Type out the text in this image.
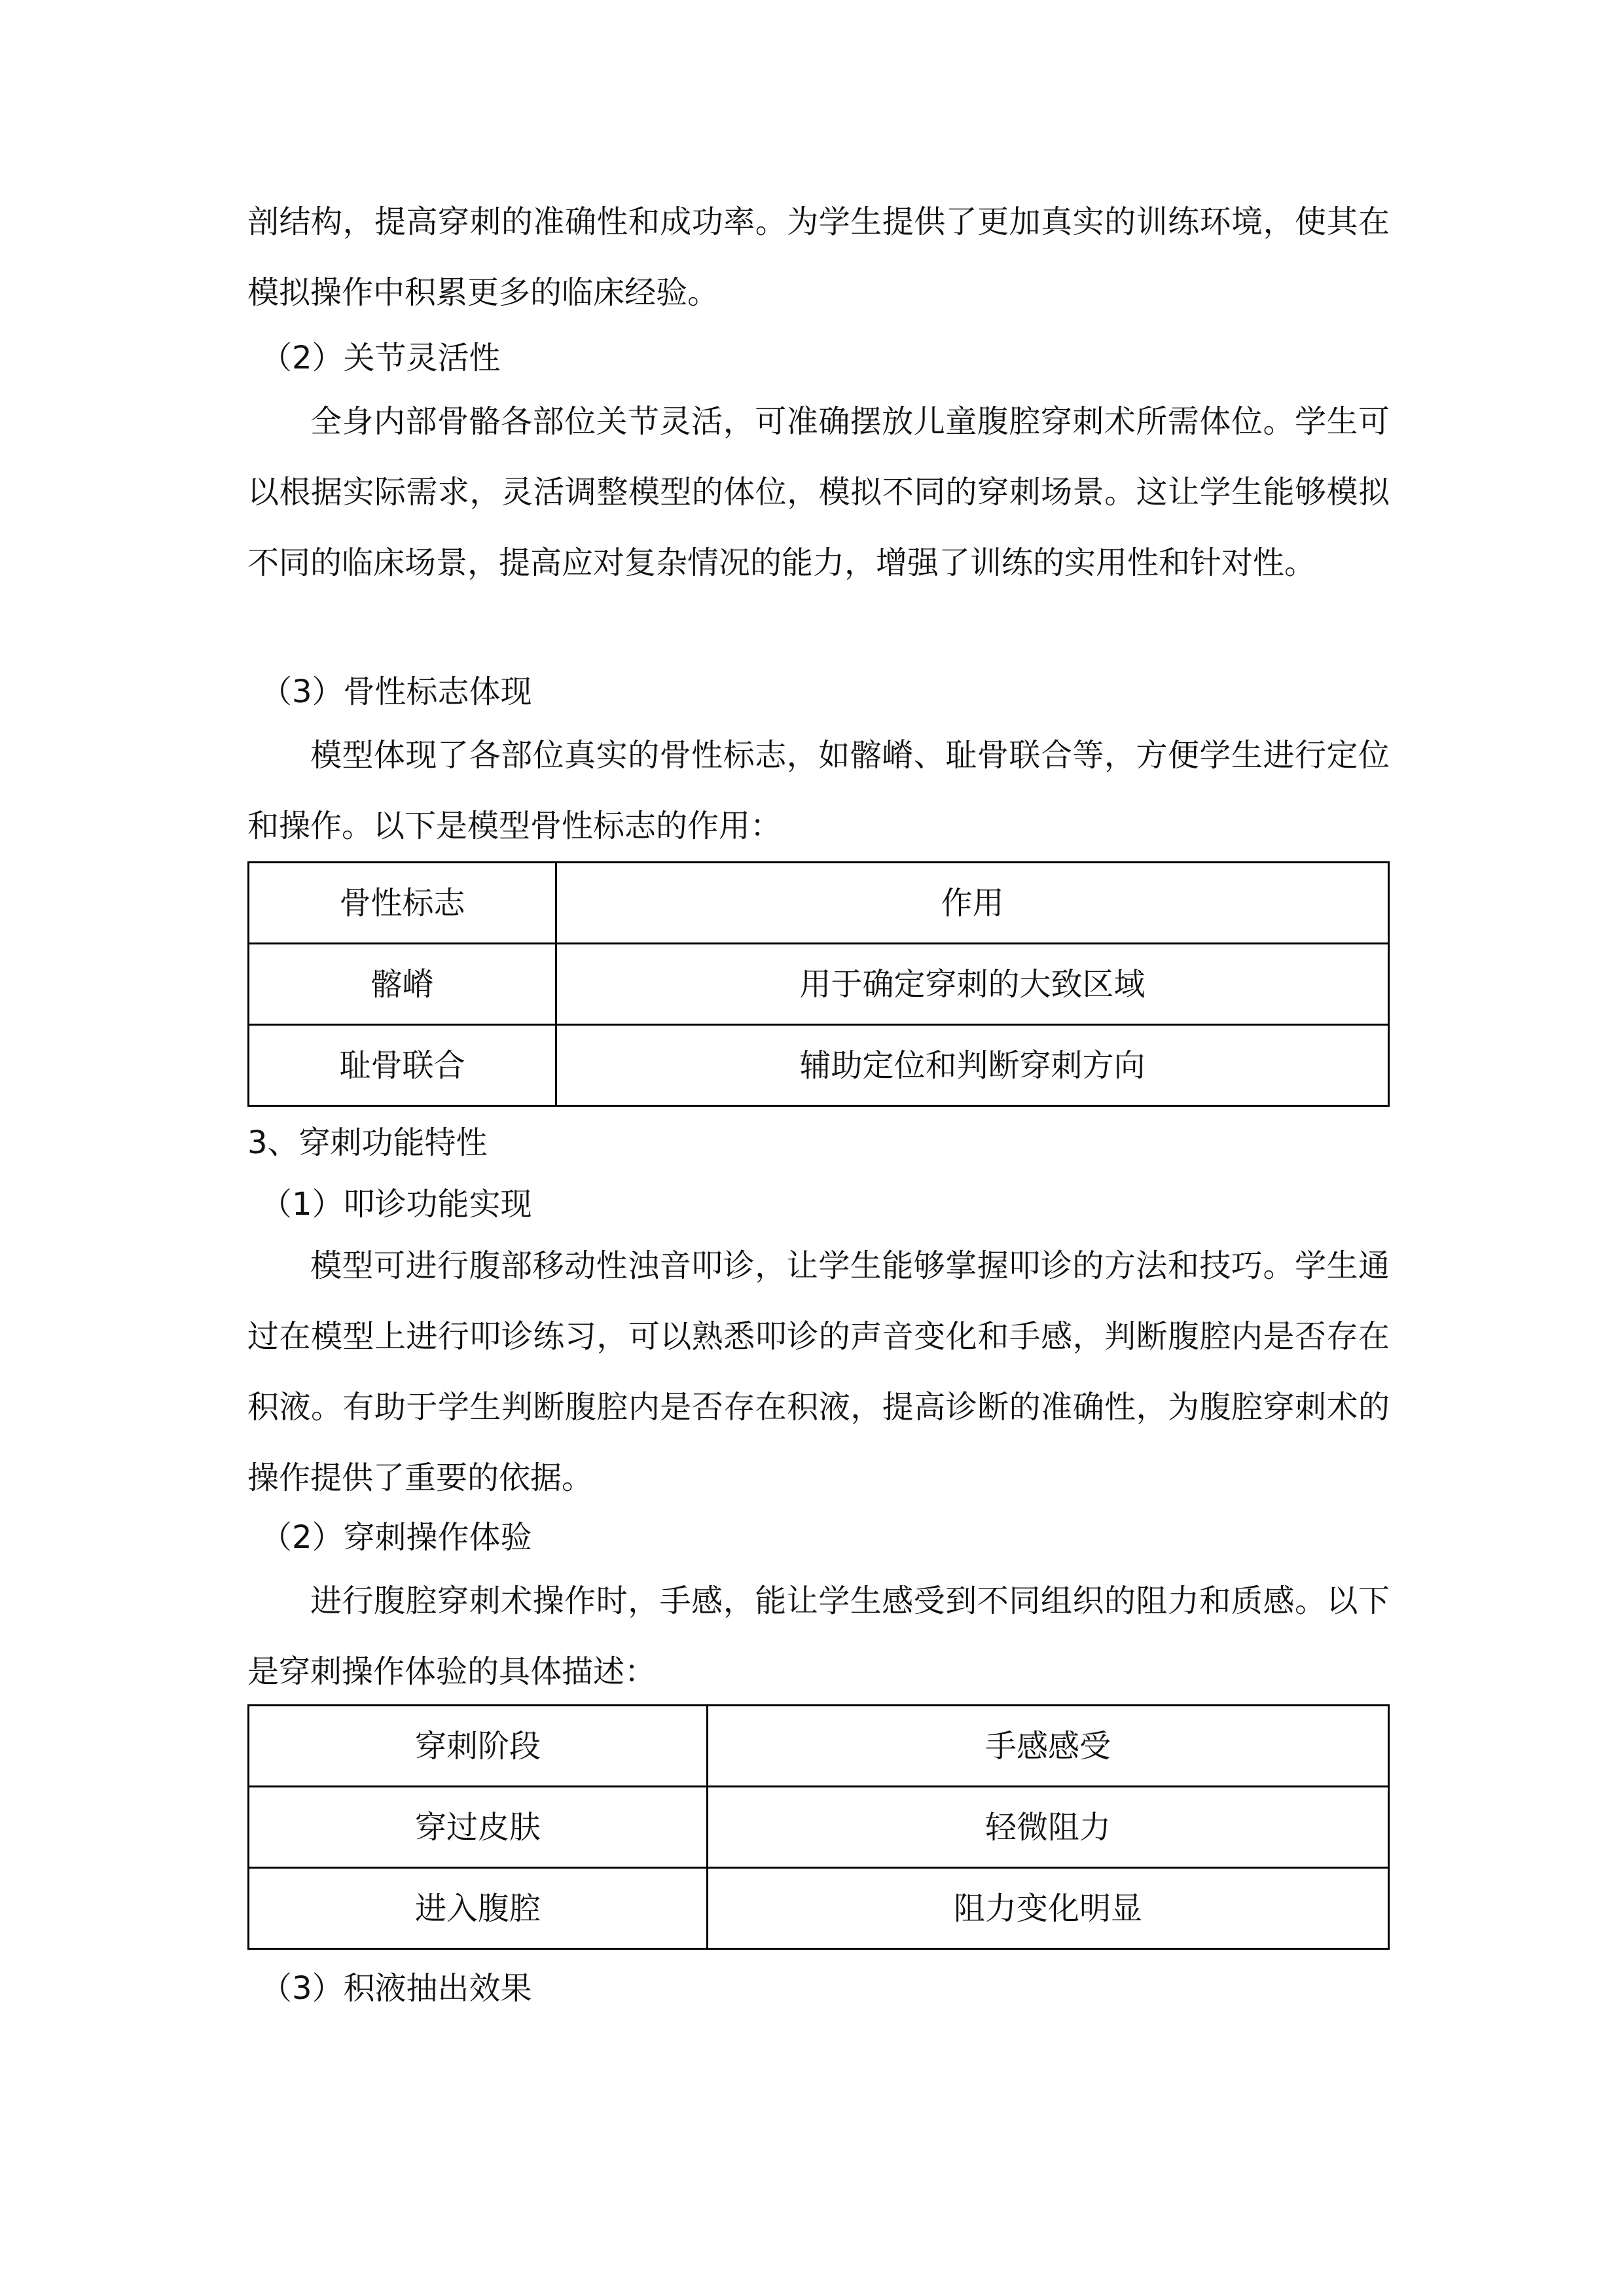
剖结构，提高穿刺的准确性和成功率。为学生提供了更加真实的训练环境，使其在模拟操作中积累更多的临床经验。

（2）关节灵活性

全身内部骨骼各部位关节灵活，可准确摆放儿童腹腔穿刺术所需体位。学生可以根据实际需求，灵活调整模型的体位，模拟不同的穿刺场景。这让学生能够模拟不同的临床场景，提高应对复杂情况的能力，增强了训练的实用性和针对性。

（3）骨性标志体现

模型体现了各部位真实的骨性标志，如髂嵴、耻骨联合等，方便学生进行定位和操作。以下是模型骨性标志的作用：

骨性标志	作用
髂嵴	用于确定穿刺的大致区域
耻骨联合	辅助定位和判断穿刺方向

3、穿刺功能特性

（1）叩诊功能实现

模型可进行腹部移动性浊音叩诊，让学生能够掌握叩诊的方法和技巧。学生通过在模型上进行叩诊练习，可以熟悉叩诊的声音变化和手感，判断腹腔内是否存在积液。有助于学生判断腹腔内是否存在积液，提高诊断的准确性，为腹腔穿刺术的操作提供了重要的依据。

（2）穿刺操作体验

进行腹腔穿刺术操作时，手感，能让学生感受到不同组织的阻力和质感。以下是穿刺操作体验的具体描述：

穿刺阶段	手感感受
穿过皮肤	轻微阻力
进入腹腔	阻力变化明显

（3）积液抽出效果
